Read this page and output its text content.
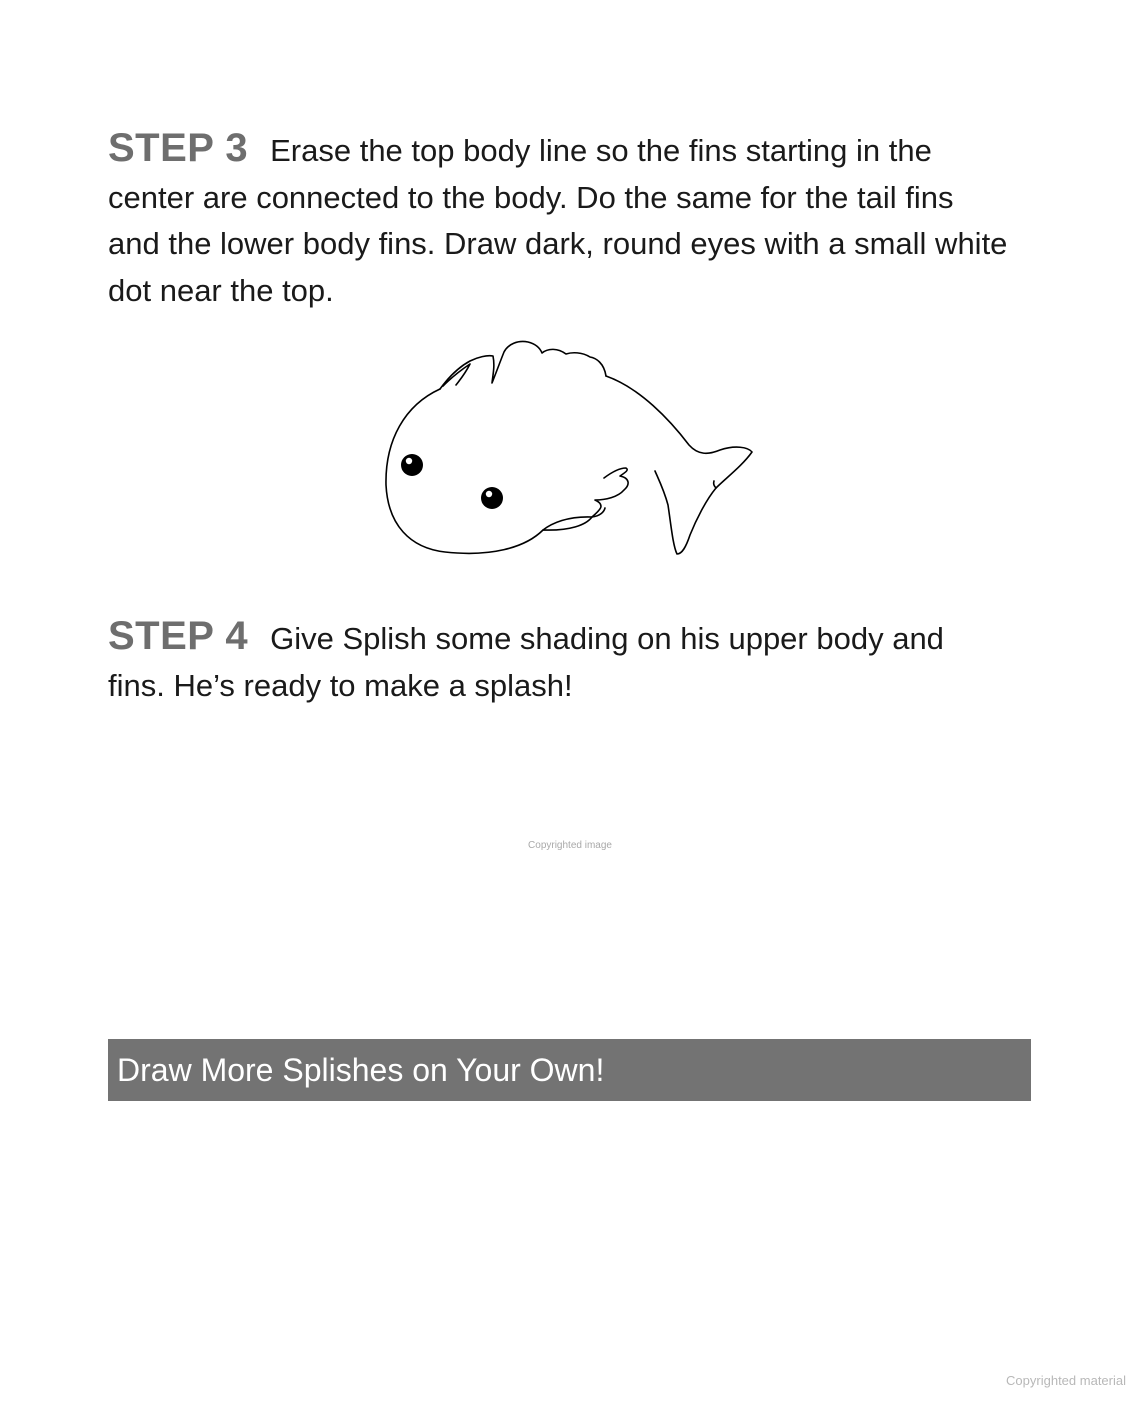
STEP 3 Erase the top body line so the fins starting in the center are connected to the body. Do the same for the tail fins and the lower body fins. Draw dark, round eyes with a small white dot near the top.

STEP 4 Give Splish some shading on his upper body and fins. He’s ready to make a splash!

Copyrighted image
Draw More Splishes on Your Own!
Copyrighted material
